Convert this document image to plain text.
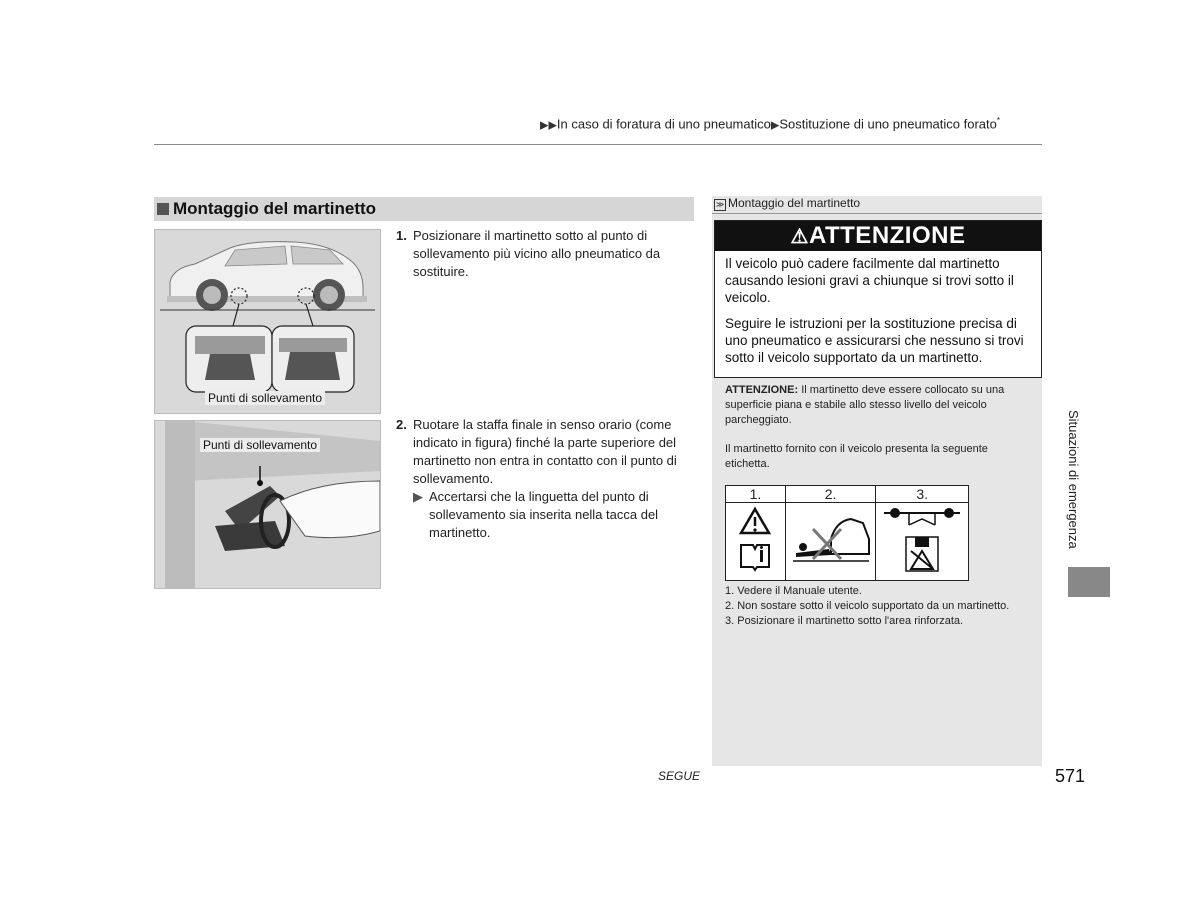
▶▶In caso di foratura di uno pneumatico▶Sostituzione di uno pneumatico forato*
Montaggio del martinetto
Punti di sollevamento
Punti di sollevamento
1. Posizionare il martinetto sotto al punto di sollevamento più vicino allo pneumatico da sostituire.
2. Ruotare la staffa finale in senso orario (come indicato in figura) finché la parte superiore del martinetto non entra in contatto con il punto di sollevamento.
▶ Accertarsi che la linguetta del punto di sollevamento sia inserita nella tacca del martinetto.
≫ Montaggio del martinetto
⚠ATTENZIONE

Il veicolo può cadere facilmente dal martinetto causando lesioni gravi a chiunque si trovi sotto il veicolo.

Seguire le istruzioni per la sostituzione precisa di uno pneumatico e assicurarsi che nessuno si trovi sotto il veicolo supportato da un martinetto.

ATTENZIONE: Il martinetto deve essere collocato su una superficie piana e stabile allo stesso livello del veicolo parcheggiato.
Il martinetto fornito con il veicolo presenta la seguente etichetta.
1.	2.	3.

1. Vedere il Manuale utente.
2. Non sostare sotto il veicolo supportato da un martinetto.
3. Posizionare il martinetto sotto l'area rinforzata.
Situazioni di emergenza
SEGUE	571
